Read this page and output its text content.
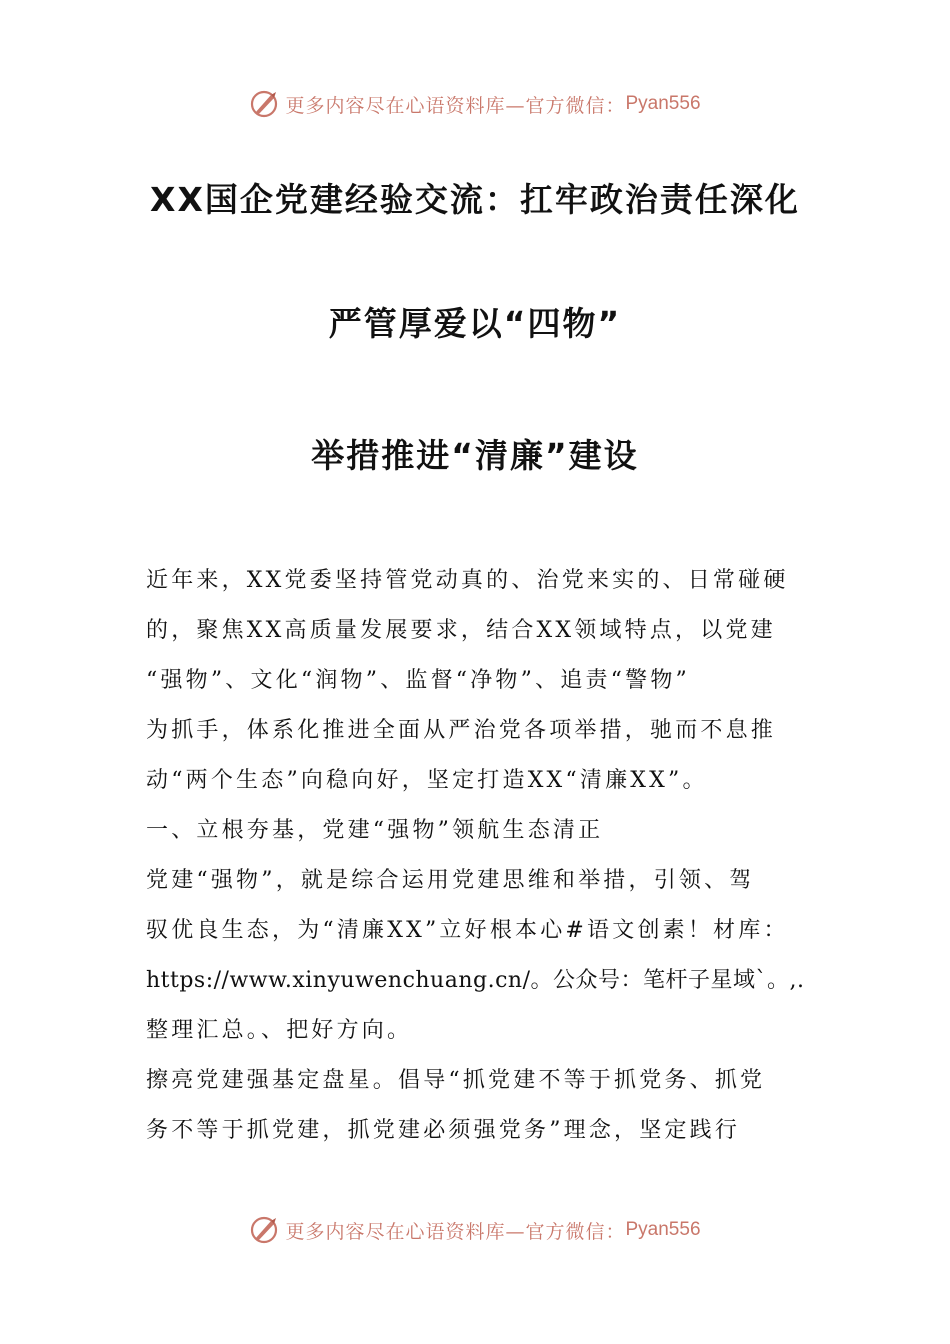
更多内容尽在心语资料库—官方微信： Pyan556
XX国企党建经验交流：扛牢政治责任深化
严管厚爱以“四物”
举措推进“清廉”建设
近年来，XX党委坚持管党动真的、治党来实的、日常碰硬
的，聚焦XX高质量发展要求，结合XX领域特点，以党建
“强物”、文化“润物”、监督“净物”、追责“警物”
为抓手，体系化推进全面从严治党各项举措，驰而不息推
动“两个生态”向稳向好，坚定打造XX“清廉XX”。
一、立根夯基，党建“强物”领航生态清正
党建“强物”，就是综合运用党建思维和举措，引领、驾
驭优良生态，为“清廉XX”立好根本心#语文创素！材库：
https://www.xinyuwenchuang.cn/。公众号：笔杆子星域`。,.
整理汇总。、把好方向。
擦亮党建强基定盘星。倡导“抓党建不等于抓党务、抓党
务不等于抓党建，抓党建必须强党务”理念，坚定践行
更多内容尽在心语资料库—官方微信： Pyan556
